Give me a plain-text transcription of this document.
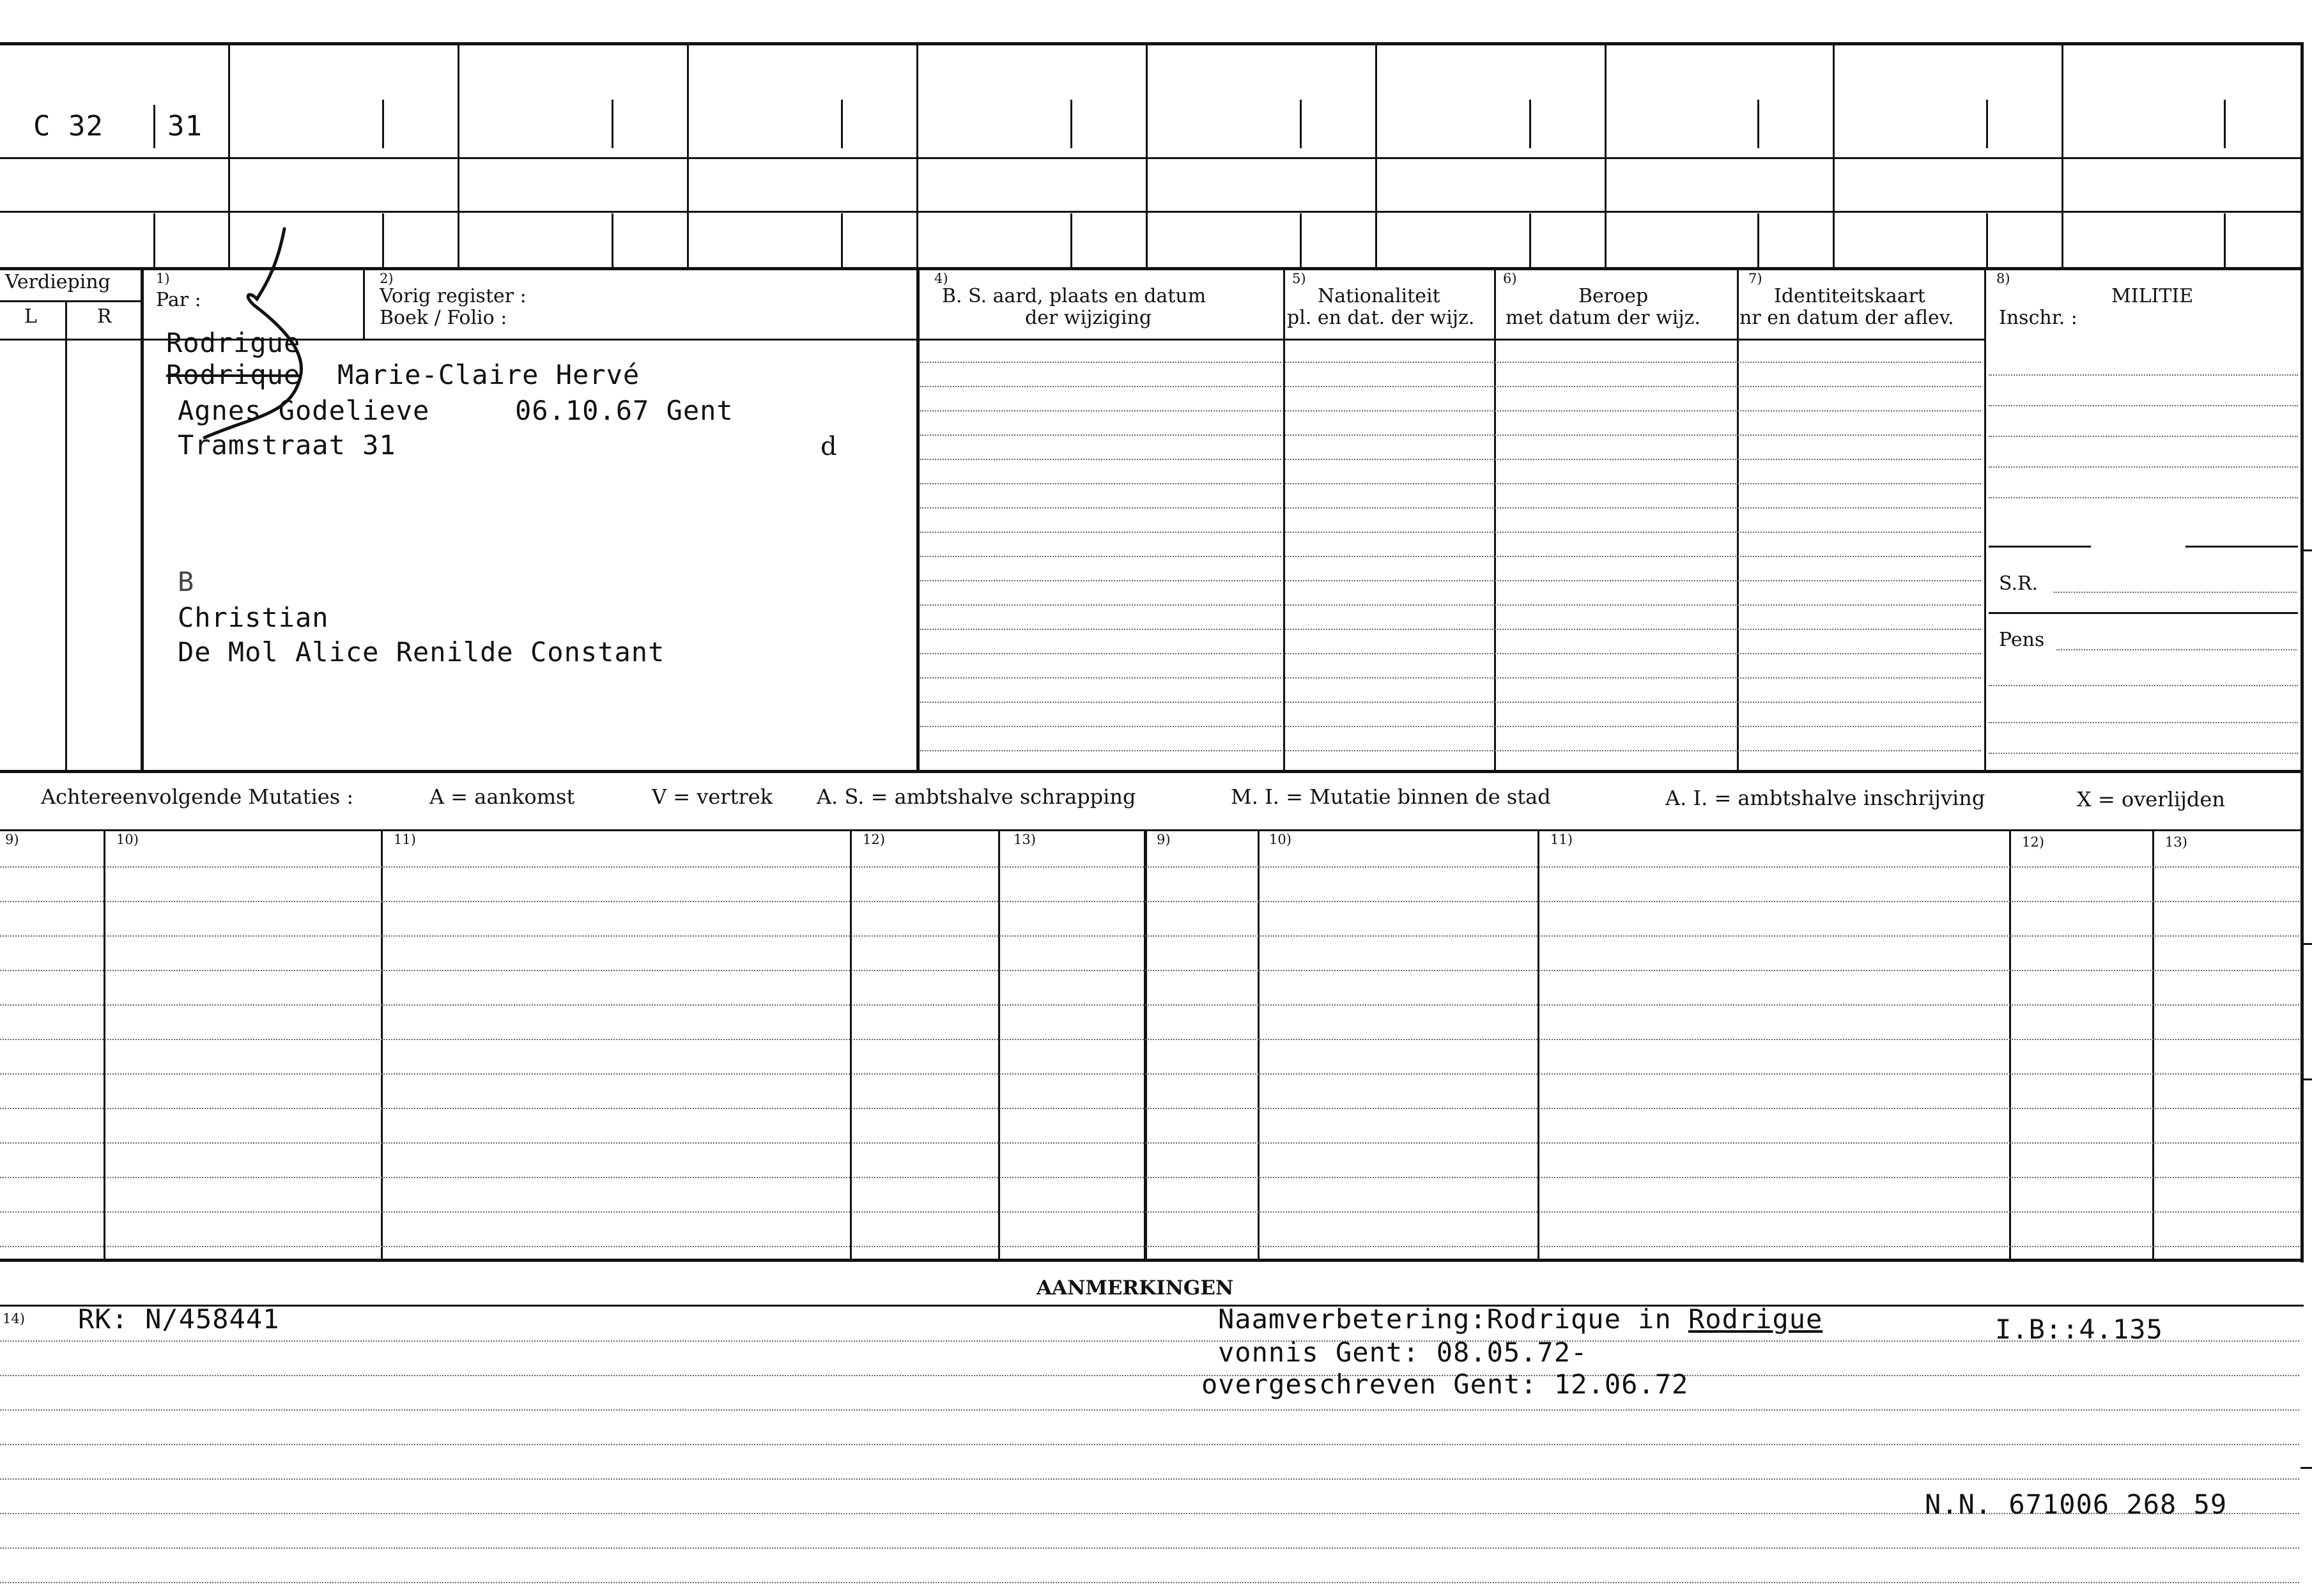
C 32 31
Verdieping
L	R
1)
Par :
2)
Vorig register :
Boek / Folio :
4)
B. S. aard, plaats en datum
der wijziging
5)
Nationaliteit
pl. en dat. der wijz.
6)
Beroep
met datum der wijz.
7)
Identiteitskaart
nr en datum der aflev.
8)
MILITIE
Inschr. :
S.R.
Pens
Rodrigue
Rodrique Marie-Claire Hervé
Agnes Godelieve	06.10.67 Gent
Tramstraat 31	d
B
Christian
De Mol Alice Renilde Constant
Achtereenvolgende Mutaties :	A = aankomst	V = vertrek A. S. = ambtshalve schrapping	M. I. = Mutatie binnen de stad	A. I. = ambtshalve inschrijving	X = overlijden
9)	10)	11)	12)	13)	9)	10)	11)	12)	13)
AANMERKINGEN
14) RK: N/458441	Naamverbetering:Rodrique in Rodrigue	I.B::4.135
vonnis Gent: 08.05.72-
overgeschreven Gent: 12.06.72
N.N. 671006 268 59
